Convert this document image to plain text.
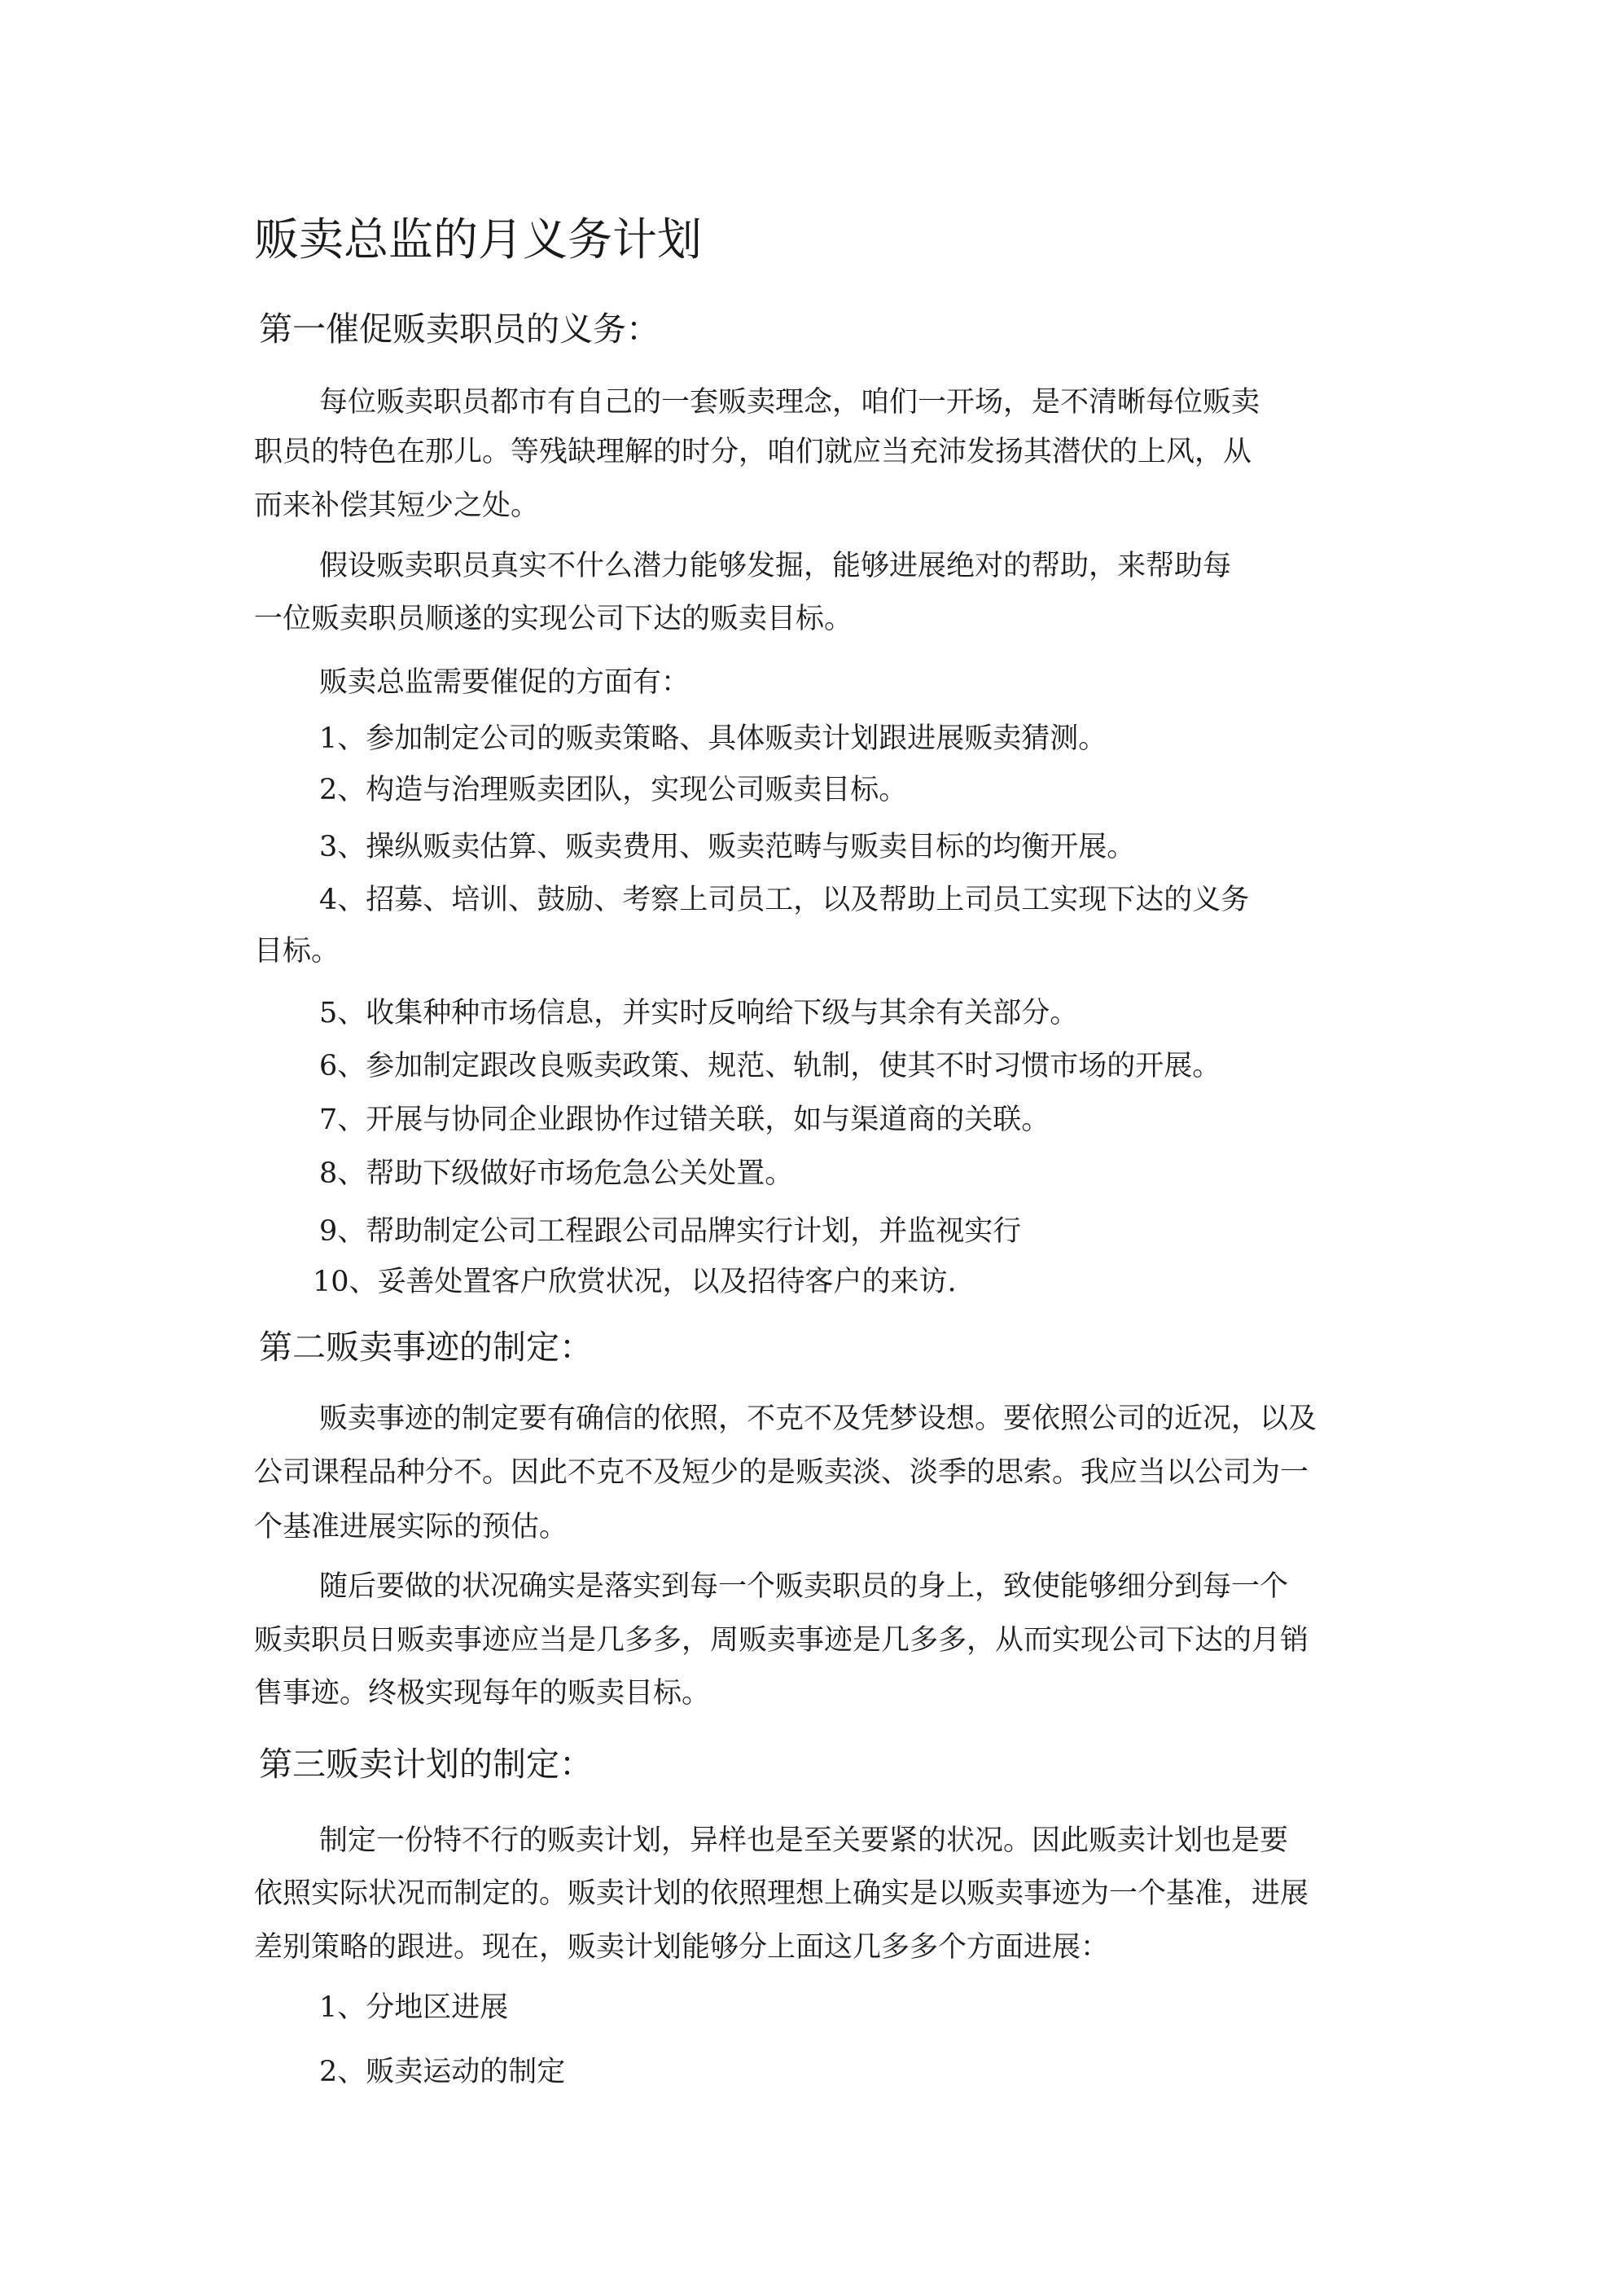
贩卖总监的月义务计划
第一催促贩卖职员的义务：

每位贩卖职员都市有自己的一套贩卖理念，咱们一开场，是不清晰每位贩卖

职员的特色在那儿。等残缺理解的时分，咱们就应当充沛发扬其潜伏的上风，从

而来补偿其短少之处。

假设贩卖职员真实不什么潜力能够发掘，能够进展绝对的帮助，来帮助每

一位贩卖职员顺遂的实现公司下达的贩卖目标。

贩卖总监需要催促的方面有：

1、参加制定公司的贩卖策略、具体贩卖计划跟进展贩卖猜测。

2、构造与治理贩卖团队，实现公司贩卖目标。

3、操纵贩卖估算、贩卖费用、贩卖范畴与贩卖目标的均衡开展。

4、招募、培训、鼓励、考察上司员工，以及帮助上司员工实现下达的义务

目标。

5、收集种种市场信息，并实时反响给下级与其余有关部分。

6、参加制定跟改良贩卖政策、规范、轨制，使其不时习惯市场的开展。

7、开展与协同企业跟协作过错关联，如与渠道商的关联。

8、帮助下级做好市场危急公关处置。

9、帮助制定公司工程跟公司品牌实行计划，并监视实行

10、妥善处置客户欣赏状况，以及招待客户的来访.

第二贩卖事迹的制定：

贩卖事迹的制定要有确信的依照，不克不及凭梦设想。要依照公司的近况，以及

公司课程品种分不。因此不克不及短少的是贩卖淡、淡季的思索。我应当以公司为一

个基准进展实际的预估。

随后要做的状况确实是落实到每一个贩卖职员的身上，致使能够细分到每一个

贩卖职员日贩卖事迹应当是几多多，周贩卖事迹是几多多，从而实现公司下达的月销

售事迹。终极实现每年的贩卖目标。

第三贩卖计划的制定：

制定一份特不行的贩卖计划，异样也是至关要紧的状况。因此贩卖计划也是要

依照实际状况而制定的。贩卖计划的依照理想上确实是以贩卖事迹为一个基准，进展

差别策略的跟进。现在，贩卖计划能够分上面这几多多个方面进展：

1、分地区进展

2、贩卖运动的制定
